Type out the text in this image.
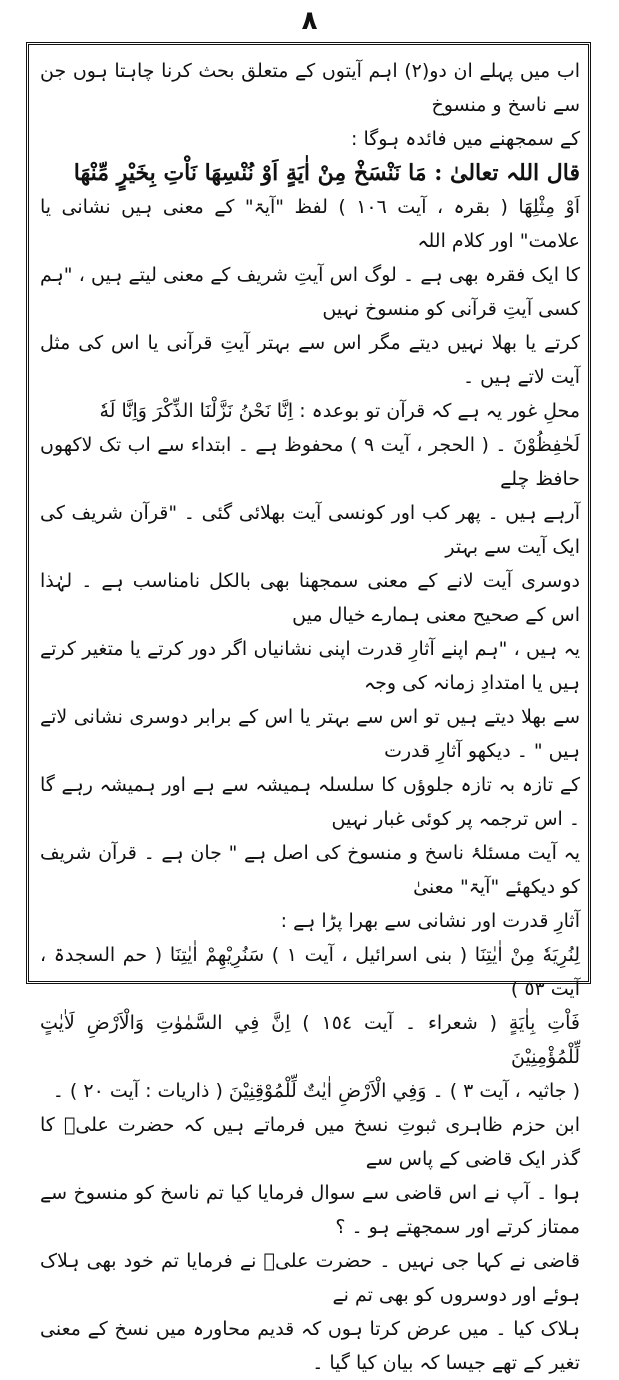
٨

اب میں پہلے ان دو(٢) اہم آیتوں کے متعلق بحث کرنا چاہتا ہوں جن سے ناسخ و منسوخ

کے سمجھنے میں فائدہ ہوگا :

قال اللہ تعالیٰ : مَا نَنْسَخْ مِنْ اٰيَةٍ اَوْ نُنْسِهَا نَاْتِ بِخَيْرٍ مِّنْهَا

اَوْ مِثْلِهَا ( بقرہ ، آیت ١٠٦ ) لفظ "آیۃ" کے معنی ہیں نشانی یا علامت" اور کلام اللہ

کا ایک فقرہ بھی ہے ۔ لوگ اس آیتِ شریف کے معنی لیتے ہیں ، "ہم کسی آیتِ قرآنی کو منسوخ نہیں

کرتے یا بھلا نہیں دیتے مگر اس سے بہتر آیتِ قرآنی یا اس کی مثل آیت لاتے ہیں ۔

محلِ غور یہ ہے کہ قرآن تو بوعدہ : اِنَّا نَحْنُ نَزَّلْنَا الذِّكْرَ وَاِنَّا لَهٗ

لَحٰفِظُوْنَ ۔ ( الحجر ، آیت ٩ ) محفوظ ہے ۔ ابتداء سے اب تک لاکھوں حافظ چلے

آرہے ہیں ۔ پھر کب اور کونسی آیت بھلائی گئی ۔ "قرآن شریف کی ایک آیت سے بہتر

دوسری آیت لانے کے معنی سمجھنا بھی بالکل نامناسب ہے ۔ لہٰذا اس کے صحیح معنی ہمارے خیال میں

یہ ہیں ، "ہم اپنے آثارِ قدرت اپنی نشانیاں اگر دور کرتے یا متغیر کرتے ہیں یا امتدادِ زمانہ کی وجہ

سے بھلا دیتے ہیں تو اس سے بہتر یا اس کے برابر دوسری نشانی لاتے ہیں " ۔ دیکھو آثارِ قدرت

کے تازہ بہ تازہ جلوؤں کا سلسلہ ہمیشہ سے ہے اور ہمیشہ رہے گا ۔ اس ترجمہ پر کوئی غبار نہیں

یہ آیت مسئلۂ ناسخ و منسوخ کی اصل ہے " جان ہے ۔ قرآن شریف کو دیکھئے "آیۃ" معنیٰ

آثارِ قدرت اور نشانی سے بھرا پڑا ہے :

لِنُرِيَهٗ مِنْ اٰيٰتِنَا ( بنی اسرائیل ، آیت ١ ) سَنُرِيْهِمْ اٰيٰتِنَا ( حم السجدۃ ، آیت ٥٣ )

فَاْتِ بِاٰيَةٍ ( شعراء ۔ آیت ١٥٤ ) اِنَّ فِي السَّمٰوٰتِ وَالْاَرْضِ لَاٰيٰتٍ لِّلْمُؤْمِنِيْنَ

( جاثیہ ، آیت ٣ ) ۔ وَفِي الْاَرْضِ اٰيٰتٌ لِّلْمُوْقِنِيْنَ ( ذاریات : آیت ٢٠ ) ۔

ابن حزم ظاہری ثبوتِ نسخ میں فرماتے ہیں کہ حضرت علیؓ کا گذر ایک قاضی کے پاس سے

ہوا ۔ آپ نے اس قاضی سے سوال فرمایا کیا تم ناسخ کو منسوخ سے ممتاز کرتے اور سمجھتے ہو ۔ ؟

قاضی نے کہا جی نہیں ۔ حضرت علیؓ نے فرمایا تم خود بھی ہلاک ہوئے اور دوسروں کو بھی تم نے

ہلاک کیا ۔ میں عرض کرتا ہوں کہ قدیم محاورہ میں نسخ کے معنی تغیر کے تھے جیسا کہ بیان کیا گیا ۔
